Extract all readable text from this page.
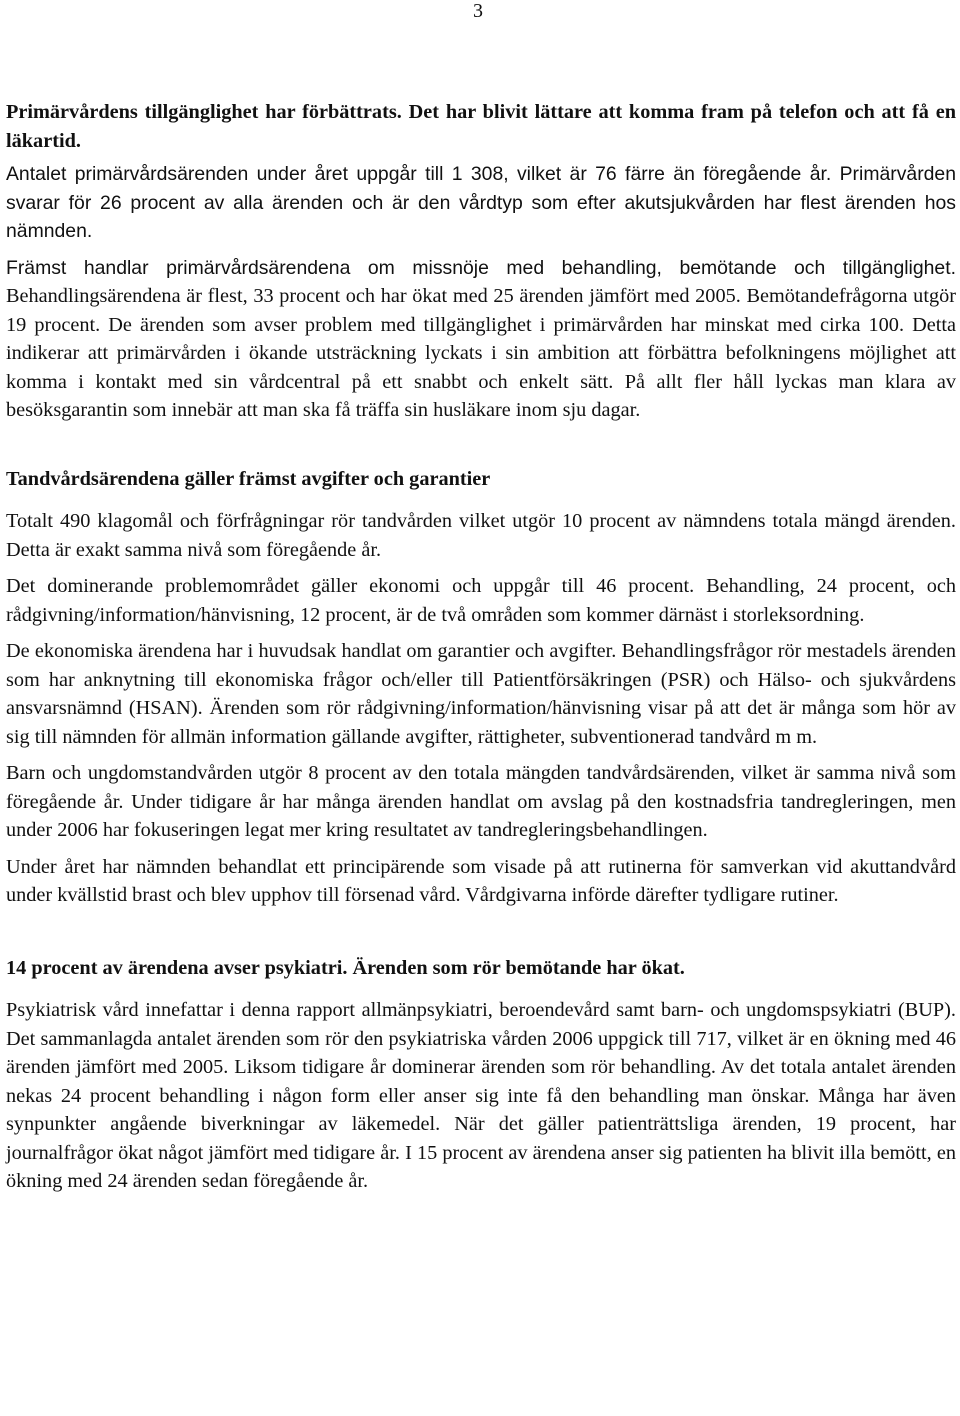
3

Primärvårdens tillgänglighet har förbättrats. Det har blivit lättare att komma fram på telefon och att få en läkartid.

Antalet primärvårdsärenden under året uppgår till 1 308, vilket är 76 färre än föregående år. Primärvården svarar för 26 procent av alla ärenden och är den vårdtyp som efter akutsjukvården har flest ärenden hos nämnden.

Främst handlar primärvårdsärendena om missnöje med behandling, bemötande och tillgänglighet. Behandlingsärendena är flest, 33 procent och har ökat med 25 ärenden jämfört med 2005. Bemötandefrågorna utgör 19 procent. De ärenden som avser problem med tillgänglighet i primärvården har minskat med cirka 100. Detta indikerar att primärvården i ökande utsträckning lyckats i sin ambition att förbättra befolkningens möjlighet att komma i kontakt med sin vårdcentral på ett snabbt och enkelt sätt. På allt fler håll lyckas man klara av besöksgarantin som innebär att man ska få träffa sin husläkare inom sju dagar.

Tandvårdsärendena gäller främst avgifter och garantier

Totalt 490 klagomål och förfrågningar rör tandvården vilket utgör 10 procent av nämndens totala mängd ärenden. Detta är exakt samma nivå som föregående år.

Det dominerande problemområdet gäller ekonomi och uppgår till 46 procent. Behandling, 24 procent, och rådgivning/information/hänvisning, 12 procent, är de två områden som kommer därnäst i storleksordning.

De ekonomiska ärendena har i huvudsak handlat om garantier och avgifter. Behandlingsfrågor rör mestadels ärenden som har anknytning till ekonomiska frågor och/eller till Patientförsäkringen (PSR) och Hälso- och sjukvårdens ansvarsnämnd (HSAN). Ärenden som rör rådgivning/information/hänvisning visar på att det är många som hör av sig till nämnden för allmän information gällande avgifter, rättigheter, subventionerad tandvård m m.

Barn och ungdomstandvården utgör 8 procent av den totala mängden tandvårdsärenden, vilket är samma nivå som föregående år. Under tidigare år har många ärenden handlat om avslag på den kostnadsfria tandregleringen, men under 2006 har fokuseringen legat mer kring resultatet av tandregleringsbehandlingen.

Under året har nämnden behandlat ett principärende som visade på att rutinerna för samverkan vid akuttandvård under kvällstid brast och blev upphov till försenad vård. Vårdgivarna införde därefter tydligare rutiner.

14 procent av ärendena avser psykiatri. Ärenden som rör bemötande har ökat.

Psykiatrisk vård innefattar i denna rapport allmänpsykiatri, beroendevård samt barn- och ungdomspsykiatri (BUP). Det sammanlagda antalet ärenden som rör den psykiatriska vården 2006 uppgick till 717, vilket är en ökning med 46 ärenden jämfört med 2005. Liksom tidigare år dominerar ärenden som rör behandling. Av det totala antalet ärenden nekas 24 procent behandling i någon form eller anser sig inte få den behandling man önskar. Många har även synpunkter angående biverkningar av läkemedel. När det gäller patienträttsliga ärenden, 19 procent, har journalfrågor ökat något jämfört med tidigare år. I 15 procent av ärendena anser sig patienten ha blivit illa bemött, en ökning med 24 ärenden sedan föregående år.
